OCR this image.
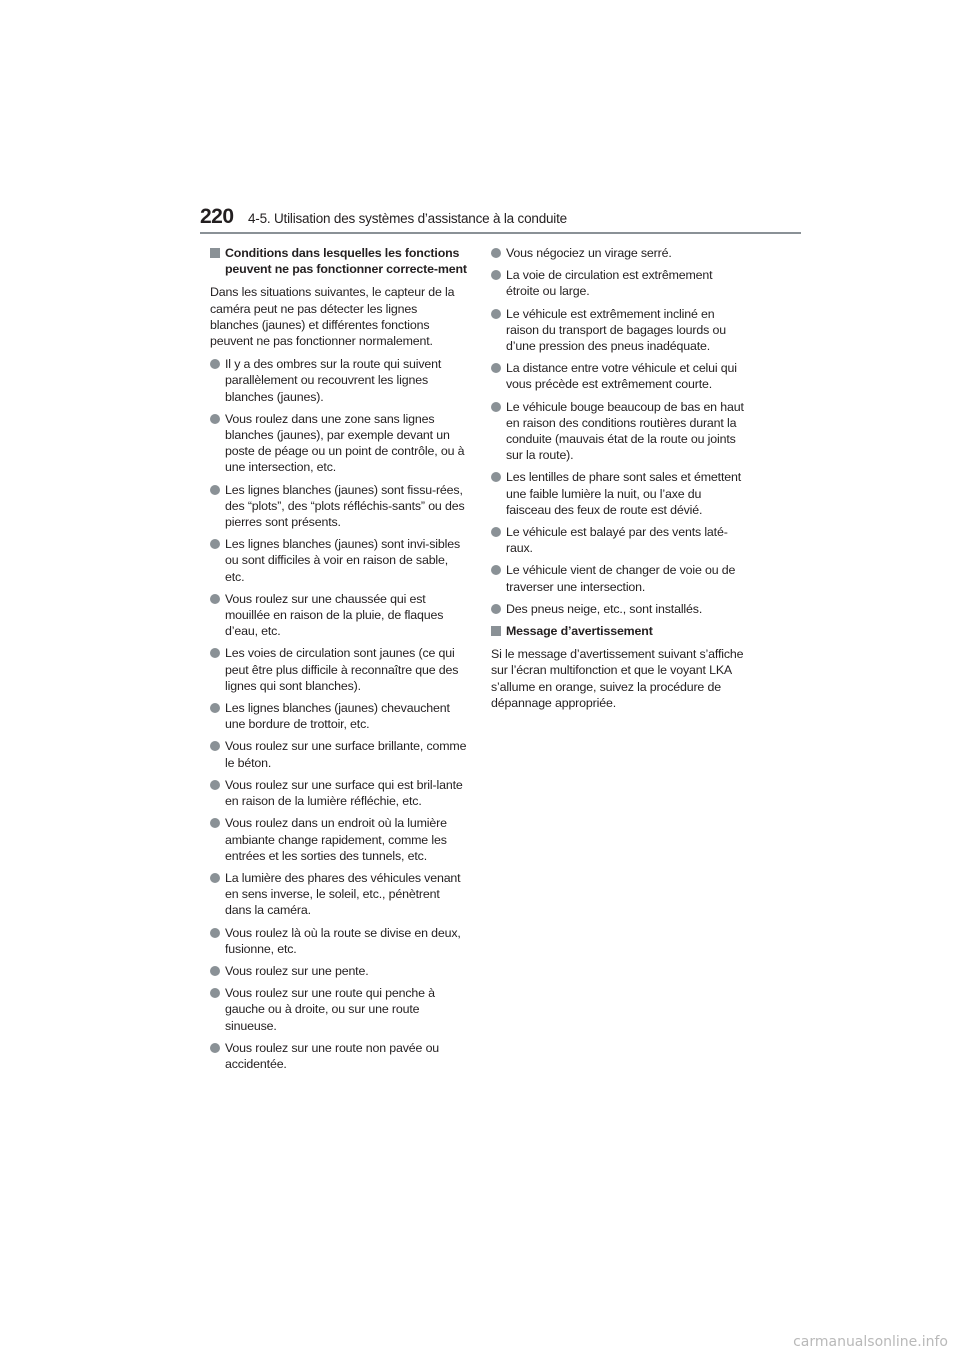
220 4-5. Utilisation des systèmes d’assistance à la conduite
Conditions dans lesquelles les fonctions peuvent ne pas fonctionner correcte-ment
Dans les situations suivantes, le capteur de la caméra peut ne pas détecter les lignes blanches (jaunes) et différentes fonctions peuvent ne pas fonctionner normalement.
Il y a des ombres sur la route qui suivent parallèlement ou recouvrent les lignes blanches (jaunes).
Vous roulez dans une zone sans lignes blanches (jaunes), par exemple devant un poste de péage ou un point de contrôle, ou à une intersection, etc.
Les lignes blanches (jaunes) sont fissu-rées, des “plots”, des “plots réfléchis-sants” ou des pierres sont présents.
Les lignes blanches (jaunes) sont invi-sibles ou sont difficiles à voir en raison de sable, etc.
Vous roulez sur une chaussée qui est mouillée en raison de la pluie, de flaques d’eau, etc.
Les voies de circulation sont jaunes (ce qui peut être plus difficile à reconnaître que des lignes qui sont blanches).
Les lignes blanches (jaunes) chevauchent une bordure de trottoir, etc.
Vous roulez sur une surface brillante, comme le béton.
Vous roulez sur une surface qui est bril-lante en raison de la lumière réfléchie, etc.
Vous roulez dans un endroit où la lumière ambiante change rapidement, comme les entrées et les sorties des tunnels, etc.
La lumière des phares des véhicules venant en sens inverse, le soleil, etc., pénètrent dans la caméra.
Vous roulez là où la route se divise en deux, fusionne, etc.
Vous roulez sur une pente.
Vous roulez sur une route qui penche à gauche ou à droite, ou sur une route sinueuse.
Vous roulez sur une route non pavée ou accidentée.
Vous négociez un virage serré.
La voie de circulation est extrêmement étroite ou large.
Le véhicule est extrêmement incliné en raison du transport de bagages lourds ou d’une pression des pneus inadéquate.
La distance entre votre véhicule et celui qui vous précède est extrêmement courte.
Le véhicule bouge beaucoup de bas en haut en raison des conditions routières durant la conduite (mauvais état de la route ou joints sur la route).
Les lentilles de phare sont sales et émettent une faible lumière la nuit, ou l’axe du faisceau des feux de route est dévié.
Le véhicule est balayé par des vents laté-raux.
Le véhicule vient de changer de voie ou de traverser une intersection.
Des pneus neige, etc., sont installés.
Message d’avertissement
Si le message d’avertissement suivant s’affiche sur l’écran multifonction et que le voyant LKA s’allume en orange, suivez la procédure de dépannage appropriée.
carmanualsonline.info
